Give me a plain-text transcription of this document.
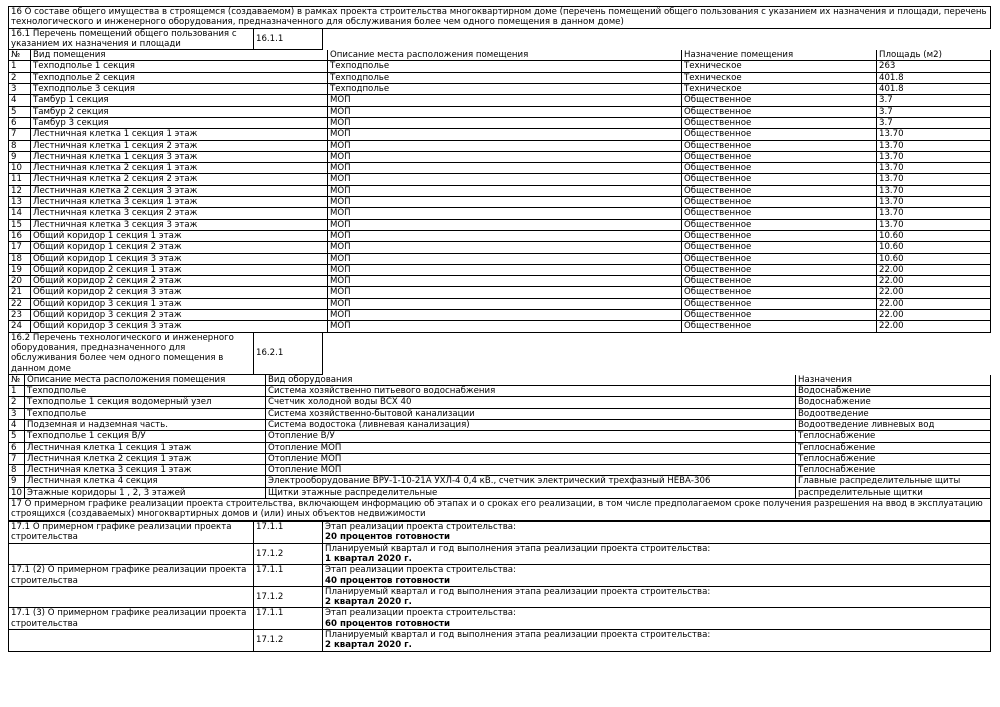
16 О составе общего имущества в строящемся (создаваемом) в рамках проекта строительства многоквартирном доме (перечень помещений общего пользования с указанием их назначения и площади, перечень технологического и инженерного оборудования, предназначенного для обслуживания более чем одного помещения в данном доме)
16.1 Перечень помещений общего пользования с указанием их назначения и площади	16.1.1	
№	Вид помещения	Описание места расположения помещения	Назначение помещения	Площадь (м2)
1	Техподполье 1 секция	Техподполье	Техническое	263
2	Техподполье 2 секция	Техподполье	Техническое	401.8
3	Техподполье 3 секция	Техподполье	Техническое	401.8
4	Тамбур 1 секция	МОП	Общественное	3.7
5	Тамбур 2 секция	МОП	Общественное	3.7
6	Тамбур 3 секция	МОП	Общественное	3.7
7	Лестничная клетка 1 секция 1 этаж	МОП	Общественное	13.70
8	Лестничная клетка 1 секция 2 этаж	МОП	Общественное	13.70
9	Лестничная клетка 1 секция 3 этаж	МОП	Общественное	13.70
10	Лестничная клетка 2 секция 1 этаж	МОП	Общественное	13.70
11	Лестничная клетка 2 секция 2 этаж	МОП	Общественное	13.70
12	Лестничная клетка 2 секция 3 этаж	МОП	Общественное	13.70
13	Лестничная клетка 3 секция 1 этаж	МОП	Общественное	13.70
14	Лестничная клетка 3 секция 2 этаж	МОП	Общественное	13.70
15	Лестничная клетка 3 секция 3 этаж	МОП	Общественное	13.70
16	Общий коридор 1 секция 1 этаж	МОП	Общественное	10.60
17	Общий коридор 1 секция 2 этаж	МОП	Общественное	10.60
18	Общий коридор 1 секция 3 этаж	МОП	Общественное	10.60
19	Общий коридор 2 секция 1 этаж	МОП	Общественное	22.00
20	Общий коридор 2 секция 2 этаж	МОП	Общественное	22.00
21	Общий коридор 2 секция 3 этаж	МОП	Общественное	22.00
22	Общий коридор 3 секция 1 этаж	МОП	Общественное	22.00
23	Общий коридор 3 секция 2 этаж	МОП	Общественное	22.00
24	Общий коридор 3 секция 3 этаж	МОП	Общественное	22.00
16.2 Перечень технологического и инженерного оборудования, предназначенного для обслуживания более чем одного помещения в данном доме	16.2.1	
№	Описание места расположения помещения	Вид оборудования	Назначения
1	Техподполье	Система хозяйственно питьевого водоснабжения	Водоснабжение
2	Техподполье 1 секция водомерный узел	Счетчик холодной воды ВСХ 40	Водоснабжение
3	Техподполье	Система хозяйственно-бытовой канализации	Водоотведение
4	Подземная и надземная часть.	Система водостока (ливневая канализация)	Водоотведение ливневых вод
5	Техподполье 1 секция В/У	Отопление В/У	Теплоснабжение
6	Лестничная клетка 1 секция 1 этаж	Отопление МОП	Теплоснабжение
7	Лестничная клетка 2 секция 1 этаж	Отопление МОП	Теплоснабжение
8	Лестничная клетка 3 секция 1 этаж	Отопление МОП	Теплоснабжение
9	Лестничная клетка 4 секция	Электрооборудование ВРУ-1-10-21А УХЛ-4 0,4 кВ., счетчик электрический трехфазный НЕВА-306	Главные распределительные щиты
10	Этажные коридоры 1 , 2, 3 этажей	Щитки этажные распределительные	распределительные щитки
17 О примерном графике реализации проекта строительства, включающем информацию об этапах и о сроках его реализации, в том числе предполагаемом сроке получения разрешения на ввод в эксплуатацию строящихся (создаваемых) многоквартирных домов и (или) иных объектов недвижимости
17.1 О примерном графике реализации проекта строительства	17.1.1	Этап реализации проекта строительства:
20 процентов готовности
	17.1.2	Планируемый квартал и год выполнения этапа реализации проекта строительства:
1 квартал 2020 г.
17.1 (2) О примерном графике реализации проекта строительства	17.1.1	Этап реализации проекта строительства:
40 процентов готовности
	17.1.2	Планируемый квартал и год выполнения этапа реализации проекта строительства:
2 квартал 2020 г.
17.1 (3) О примерном графике реализации проекта строительства	17.1.1	Этап реализации проекта строительства:
60 процентов готовности
	17.1.2	Планируемый квартал и год выполнения этапа реализации проекта строительства:
2 квартал 2020 г.
